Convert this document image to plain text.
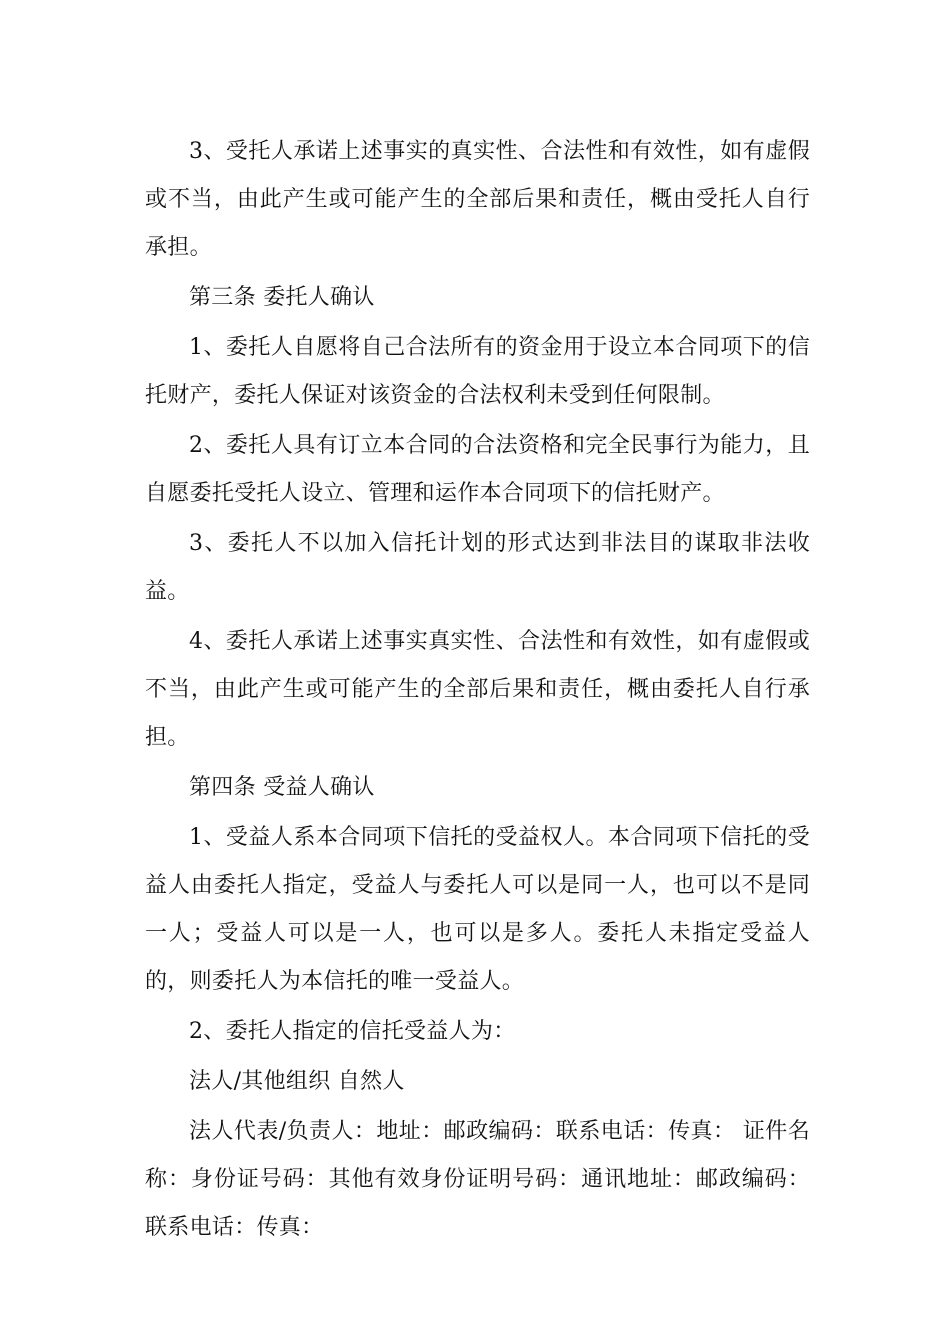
3、受托人承诺上述事实的真实性、合法性和有效性，如有虚假或不当，由此产生或可能产生的全部后果和责任，概由受托人自行承担。

第三条 委托人确认

1、委托人自愿将自己合法所有的资金用于设立本合同项下的信托财产，委托人保证对该资金的合法权利未受到任何限制。

2、委托人具有订立本合同的合法资格和完全民事行为能力，且自愿委托受托人设立、管理和运作本合同项下的信托财产。

3、委托人不以加入信托计划的形式达到非法目的谋取非法收益。

4、委托人承诺上述事实真实性、合法性和有效性，如有虚假或不当，由此产生或可能产生的全部后果和责任，概由委托人自行承担。

第四条 受益人确认

1、受益人系本合同项下信托的受益权人。本合同项下信托的受益人由委托人指定，受益人与委托人可以是同一人，也可以不是同一人；受益人可以是一人，也可以是多人。委托人未指定受益人的，则委托人为本信托的唯一受益人。

2、委托人指定的信托受益人为：

法人/其他组织 自然人

法人代表/负责人：地址：邮政编码：联系电话：传真： 证件名称：身份证号码：其他有效身份证明号码：通讯地址：邮政编码：联系电话：传真：
